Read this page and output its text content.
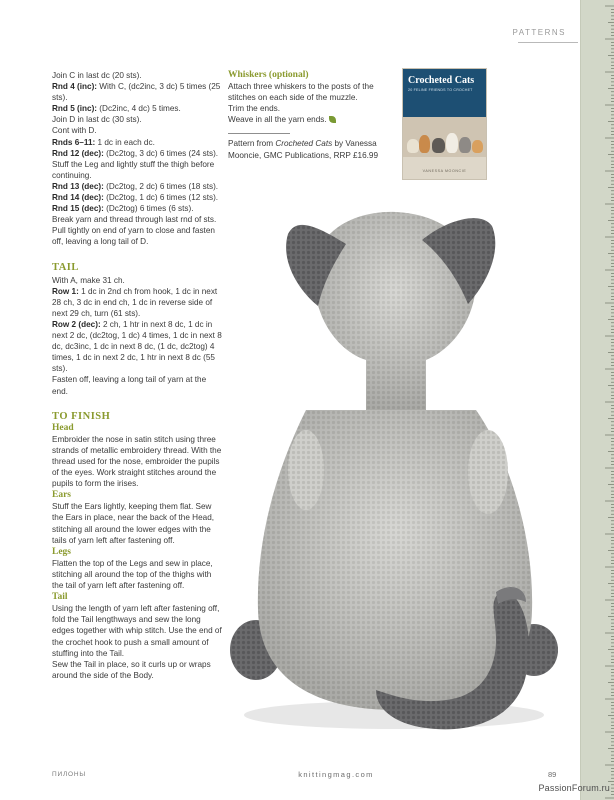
PATTERNS

Join C in last dc (20 sts).

Rnd 4 (inc): With C, (dc2inc, 3 dc) 5 times (25 sts).

Rnd 5 (inc): (Dc2inc, 4 dc) 5 times.

Join D in last dc (30 sts).

Cont with D.

Rnds 6–11: 1 dc in each dc.

Rnd 12 (dec): (Dc2tog, 3 dc) 6 times (24 sts).

Stuff the Leg and lightly stuff the thigh before continuing.

Rnd 13 (dec): (Dc2tog, 2 dc) 6 times (18 sts).

Rnd 14 (dec): (Dc2tog, 1 dc) 6 times (12 sts).

Rnd 15 (dec): (Dc2tog) 6 times (6 sts).

Break yarn and thread through last rnd of sts. Pull tightly on end of yarn to close and fasten off, leaving a long tail of D.

TAIL

With A, make 31 ch.

Row 1: 1 dc in 2nd ch from hook, 1 dc in next 28 ch, 3 dc in end ch, 1 dc in reverse side of next 29 ch, turn (61 sts).

Row 2 (dec): 2 ch, 1 htr in next 8 dc, 1 dc in next 2 dc, (dc2tog, 1 dc) 4 times, 1 dc in next 8 dc, dc3inc, 1 dc in next 8 dc, (1 dc, dc2tog) 4 times, 1 dc in next 2 dc, 1 htr in next 8 dc (55 sts).

Fasten off, leaving a long tail of yarn at the end.

TO FINISH
Head

Embroider the nose in satin stitch using three strands of metallic embroidery thread. With the thread used for the nose, embroider the pupils of the eyes. Work straight stitches around the pupils to form the irises.

Ears

Stuff the Ears lightly, keeping them flat. Sew the Ears in place, near the back of the Head, stitching all around the lower edges with the tails of yarn left after fastening off.

Legs

Flatten the top of the Legs and sew in place, stitching all around the top of the thighs with the tail of yarn left after fastening off.

Tail

Using the length of yarn left after fastening off, fold the Tail lengthways and sew the long edges together with whip stitch. Use the end of the crochet hook to push a small amount of stuffing into the Tail.

Sew the Tail in place, so it curls up or wraps around the side of the Body.

Whiskers (optional)

Attach three whiskers to the posts of the stitches on each side of the muzzle.

Trim the ends.

Weave in all the yarn ends.

Pattern from Crocheted Cats by Vanessa Mooncie, GMC Publications, RRP £16.99

Crocheted Cats
20 FELINE FRIENDS TO CROCHET
VANESSA MOONCIE
ПИЛОНЫ	knittingmag.com	89
PassionForum.ru
